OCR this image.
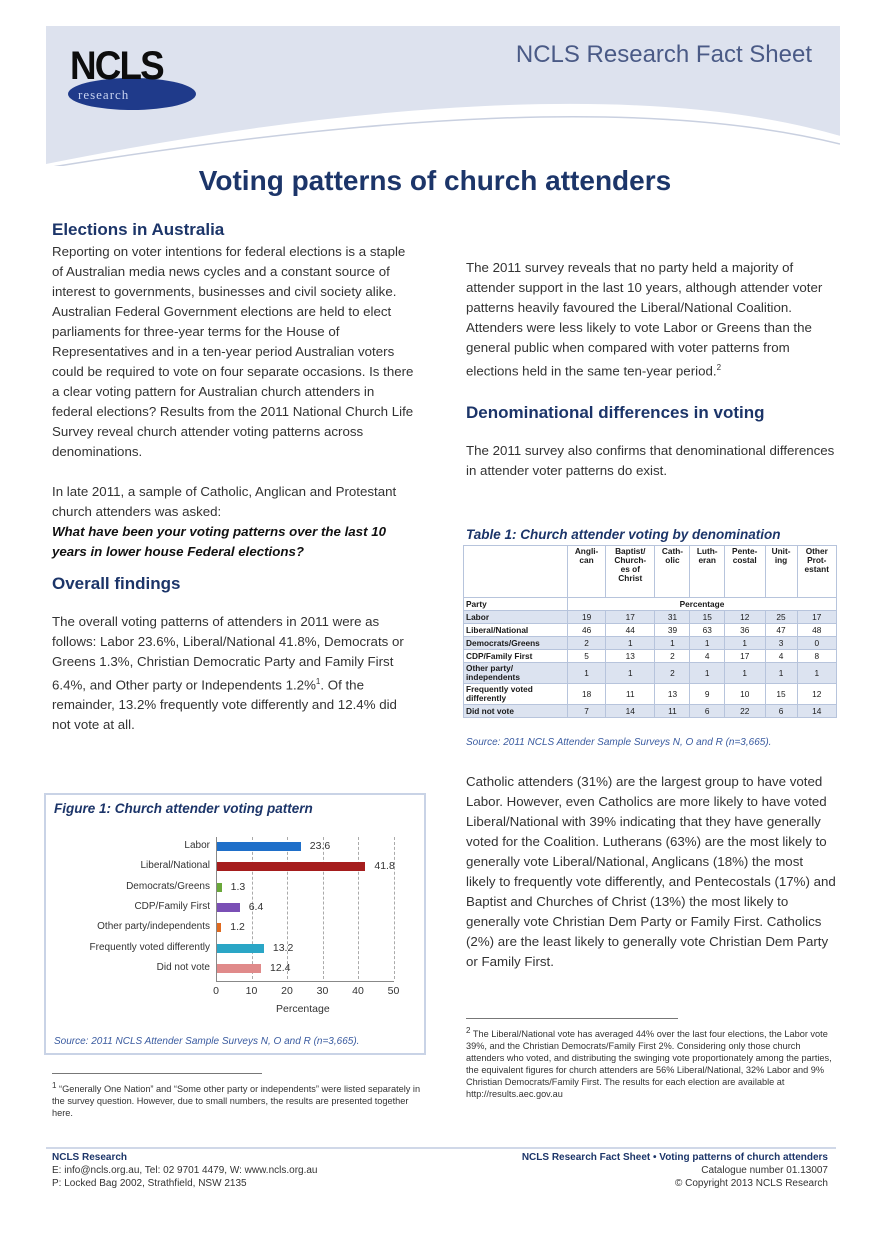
NCLS
research
NCLS Research Fact Sheet
Voting patterns of church attenders
Elections in Australia

Reporting on voter intentions for federal elections is a staple of Australian media news cycles and a constant source of interest to governments, businesses and civil society alike. Australian Federal Government elections are held to elect parliaments for three-year terms for the House of Representatives and in a ten-year period Australian voters could be required to vote on four separate occasions. Is there a clear voting pattern for Australian church attenders in federal elections? Results from the 2011 National Church Life Survey reveal church attender voting patterns across denominations.

In late 2011, a sample of Catholic, Anglican and Protestant church attenders was asked:

What have been your voting patterns over the last 10 years in lower house Federal elections?

Overall findings

The overall voting patterns of attenders in 2011 were as follows: Labor 23.6%, Liberal/National 41.8%, Democrats or Greens 1.3%, Christian Democratic Party and Family First 6.4%, and Other party or Independents 1.2%$^1$. Of the remainder, 13.2% frequently vote differently and 12.4% did not vote at all.

Figure 1: Church attender voting pattern
0	10	20	30	40	50
Labor	23.6
Liberal/National	41.8
Democrats/Greens 1.3
CDP/Family First	6.4
Other party/independents 1.2
Frequently voted differently	13.2
Did not vote	12.4
Percentage
Source: 2011 NCLS Attender Sample Surveys N, O and R (n=3,665).
$^1$ “Generally One Nation” and “Some other party or independents” were listed separately in the survey question. However, due to small numbers, the results are presented together here.

The 2011 survey reveals that no party held a majority of attender support in the last 10 years, although attender voter patterns heavily favoured the Liberal/National Coalition. Attenders were less likely to vote Labor or Greens than the general public when compared with voter patterns from elections held in the same ten-year period.$^2$

Denominational differences in voting

The 2011 survey also confirms that denominational differences in attender voter patterns do exist.

Table 1: Church attender voting by denomination
	Angli-
can	Baptist/
Church-
es of
Christ	Cath-
olic	Luth-
eran	Pente-
costal	Unit-
ing	Other
Prot-
estant
Party	Percentage						
Labor	19	17	31	15	12	25	17
Liberal/National	46	44	39	63	36	47	48
Democrats/Greens	2	1	1	1	1	3	0
CDP/Family First	5	13	2	4	17	4	8
Other party/ independents	1	1	2	1	1	1	1
Frequently voted differently	18	11	13	9	10	15	12
Did not vote	7	14	11	6	22	6	14
Source: 2011 NCLS Attender Sample Surveys N, O and R (n=3,665).

Catholic attenders (31%) are the largest group to have voted Labor. However, even Catholics are more likely to have voted Liberal/National with 39% indicating that they have generally voted for the Coalition. Lutherans (63%) are the most likely to generally vote Liberal/National, Anglicans (18%) the most likely to frequently vote differently, and Pentecostals (17%) and Baptist and Churches of Christ (13%) the most likely to generally vote Christian Dem Party or Family First. Catholics (2%) are the least likely to generally vote Christian Dem Party or Family First.

$^2$ The Liberal/National vote has averaged 44% over the last four elections, the Labor vote 39%, and the Christian Democrats/Family First 2%. Considering only those church attenders who voted, and distributing the swinging vote proportionately among the parties, the equivalent figures for church attenders are 56% Liberal/National, 32% Labor and 9% Christian Democrats/Family First. The results for each election are available at http://results.aec.gov.au
NCLS Research
E: info@ncls.org.au, Tel: 02 9701 4479, W: www.ncls.org.au
P: Locked Bag 2002, Strathfield, NSW 2135
NCLS Research Fact Sheet • Voting patterns of church attenders
Catalogue number 01.13007
© Copyright 2013 NCLS Research
